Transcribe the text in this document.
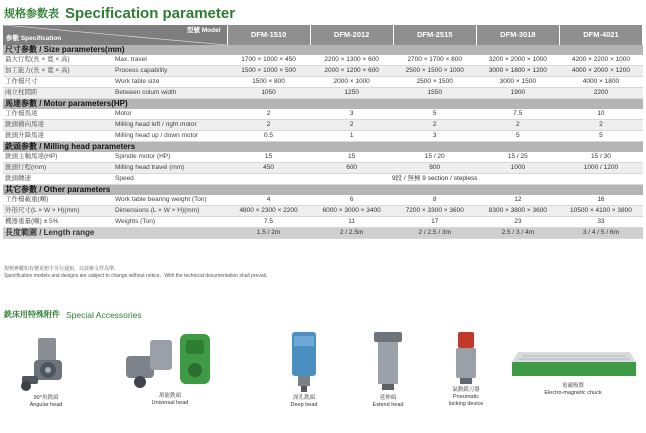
规格参数表 Specification parameter
型號 Model
参數 Specification		DFM-1510	DFM-2012	DFM-2515	DFM-3018	DFM-4021
尺寸参數 / Size parameters(mm)						
最大行程(長 × 寬 × 高)	Max. travel	1700 × 1000 × 450	2200 × 1300 × 600	2700 × 1700 × 800	3200 × 2000 × 1000	4200 × 2200 × 1000
加工能力(長 × 寬 × 高)	Process capability	1500 × 1000 × 500	2000 × 1200 × 600	2500 × 1500 × 1000	3000 × 1800 × 1200	4000 × 2000 × 1200
工作檯尺寸	Work table size	1500 × 800	2000 × 1000	2500 × 1500	3000 × 1500	4000 × 1800
兩立柱間距	Between colum width	1050	1250	1550	1900	2200
馬達参數 / Motor parameters(HP)						
工作檯馬達	Motor	2	3	5	7.5	10
銑頭橫向馬達	Milling head left / right motor	2	2	2	2	2
銑頭升降馬達	Milling head up / down motor	0.5	1	3	5	5
銑頭参數 / Milling head parameters						
銑頭主軸馬達(HP)	Spindle motor (HP)	15	15	15 / 20	15 / 25	15 / 30
銑頭行程(mm)	Milling head travel (mm)	450	600	800	1000	1000 / 1200
銑頭轉速	Speed	9段 / 無極 9 section / stepless				
其它参數 / Other parameters						
工作檯載重(噸)	Work table bearing weight (Ton)	4	6	8	12	16
外形尺寸(L × W × H)(mm)	Dimensions (L × W × H)(mm)	4800 × 2300 × 2200	6000 × 3000 × 3400	7200 × 3300 × 3600	8300 × 3800 × 3600	10500 × 4100 × 3800
機器重量(噸) ± 5%	Weights (Ton)	7.5	11	17	23	33
長度範圍 / Length range		1.5 / 2m	2 / 2.5m	2 / 2.5 / 3m	2.5 / 3 / 4m	3 / 4 / 5 / 6m
規格參數如有變更恕不另行通知，以技術文件為準。
Specification models and designs are subject to change without notice。With the technical documentation shall prevail.
銑床用特殊附件 Special Accessories
90°角銑頭
Angular head
萬能銑頭
Universal head
深孔銑頭
Deep head
延伸頭
Extend head
氣動鎖刀器
Pneumatic
locking device
電磁吸盤
Electro-magnetic chuck
